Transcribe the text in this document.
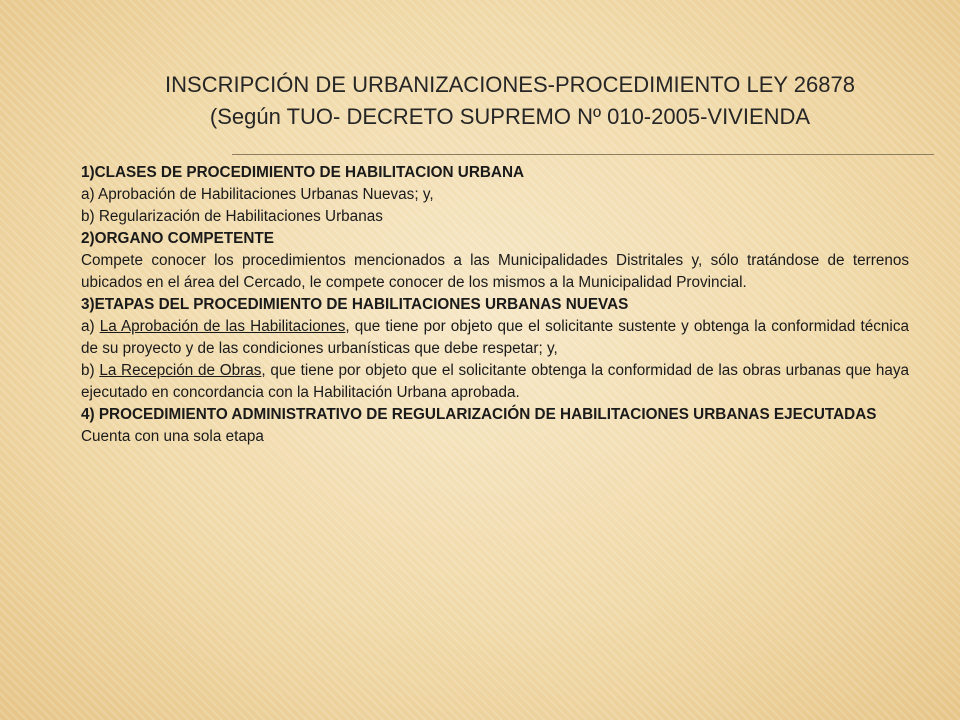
INSCRIPCIÓN DE URBANIZACIONES-PROCEDIMIENTO LEY 26878
(Según TUO- DECRETO SUPREMO Nº 010-2005-VIVIENDA

1)CLASES DE PROCEDIMIENTO DE HABILITACION URBANA

a) Aprobación de Habilitaciones Urbanas Nuevas; y,

b) Regularización de Habilitaciones Urbanas

2)ORGANO COMPETENTE

Compete conocer los procedimientos mencionados a las Municipalidades Distritales y, sólo tratándose de terrenos ubicados en el área del Cercado, le compete conocer de los mismos a la Municipalidad Provincial.

3)ETAPAS DEL PROCEDIMIENTO DE HABILITACIONES URBANAS NUEVAS

a) La Aprobación de las Habilitaciones, que tiene por objeto que el solicitante sustente y obtenga la conformidad técnica de su proyecto y de las condiciones urbanísticas que debe respetar; y,

b) La Recepción de Obras, que tiene por objeto que el solicitante obtenga la conformidad de las obras urbanas que haya ejecutado en concordancia con la Habilitación Urbana aprobada.

4) PROCEDIMIENTO ADMINISTRATIVO DE REGULARIZACIÓN DE HABILITACIONES URBANAS EJECUTADAS

Cuenta con una sola etapa
